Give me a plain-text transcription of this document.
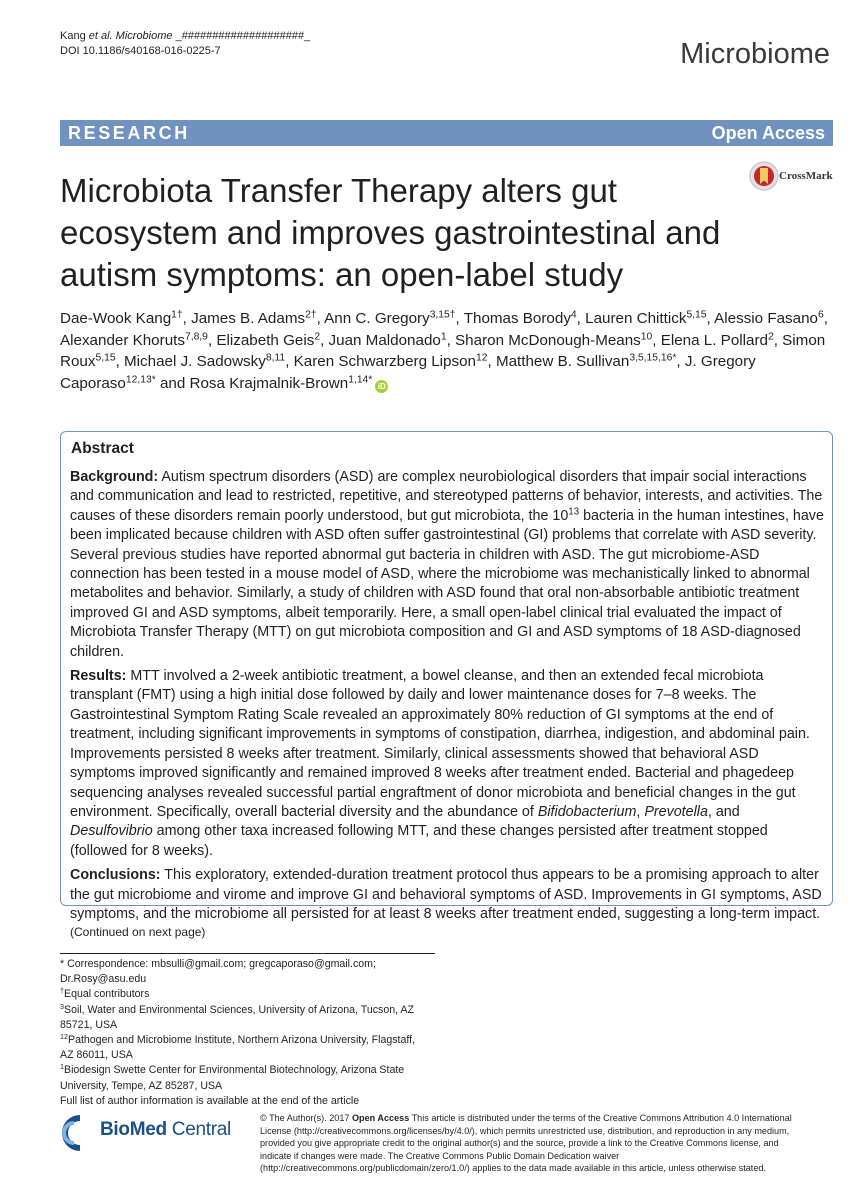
Kang et al. Microbiome _####################_
DOI 10.1186/s40168-016-0225-7	Microbiome
RESEARCH	Open Access
CrossMark
Microbiota Transfer Therapy alters gut ecosystem and improves gastrointestinal and autism symptoms: an open-label study
Dae-Wook Kang$^{1\dagger}$, James B. Adams$^{2\dagger}$, Ann C. Gregory$^{3,15\dagger}$, Thomas Borody$^4$, Lauren Chittick$^{5,15}$, Alessio Fasano$^6$, Alexander Khoruts$^{7,8,9}$, Elizabeth Geis$^2$, Juan Maldonado$^1$, Sharon McDonough-Means$^{10}$, Elena L. Pollard$^2$, Simon Roux$^{5,15}$, Michael J. Sadowsky$^{8,11}$, Karen Schwarzberg Lipson$^{12}$, Matthew B. Sullivan$^{3,5,15,16*}$, J. Gregory Caporaso$^{12,13*}$ and Rosa Krajmalnik-Brown$^{1,14*}$iD
Abstract

Background: Autism spectrum disorders (ASD) are complex neurobiological disorders that impair social interactions and communication and lead to restricted, repetitive, and stereotyped patterns of behavior, interests, and activities. The causes of these disorders remain poorly understood, but gut microbiota, the $10^{13}$ bacteria in the human intestines, have been implicated because children with ASD often suffer gastrointestinal (GI) problems that correlate with ASD severity. Several previous studies have reported abnormal gut bacteria in children with ASD. The gut microbiome-ASD connection has been tested in a mouse model of ASD, where the microbiome was mechanistically linked to abnormal metabolites and behavior. Similarly, a study of children with ASD found that oral non-absorbable antibiotic treatment improved GI and ASD symptoms, albeit temporarily. Here, a small open-label clinical trial evaluated the impact of Microbiota Transfer Therapy (MTT) on gut microbiota composition and GI and ASD symptoms of 18 ASD-diagnosed children.

Results: MTT involved a 2-week antibiotic treatment, a bowel cleanse, and then an extended fecal microbiota transplant (FMT) using a high initial dose followed by daily and lower maintenance doses for 7–8 weeks. The Gastrointestinal Symptom Rating Scale revealed an approximately 80% reduction of GI symptoms at the end of treatment, including significant improvements in symptoms of constipation, diarrhea, indigestion, and abdominal pain. Improvements persisted 8 weeks after treatment. Similarly, clinical assessments showed that behavioral ASD symptoms improved significantly and remained improved 8 weeks after treatment ended. Bacterial and phagedeep sequencing analyses revealed successful partial engraftment of donor microbiota and beneficial changes in the gut environment. Specifically, overall bacterial diversity and the abundance of Bifidobacterium, Prevotella, and Desulfovibrio among other taxa increased following MTT, and these changes persisted after treatment stopped (followed for 8 weeks).

Conclusions: This exploratory, extended-duration treatment protocol thus appears to be a promising approach to alter the gut microbiome and virome and improve GI and behavioral symptoms of ASD. Improvements in GI symptoms, ASD symptoms, and the microbiome all persisted for at least 8 weeks after treatment ended, suggesting a long-term impact.
(Continued on next page)

* Correspondence: mbsulli@gmail.com; gregcaporaso@gmail.com;
Dr.Rosy@asu.edu
†Equal contributors
$^3$Soil, Water and Environmental Sciences, University of Arizona, Tucson, AZ
85721, USA
$^{12}$Pathogen and Microbiome Institute, Northern Arizona University, Flagstaff,
AZ 86011, USA
$^1$Biodesign Swette Center for Environmental Biotechnology, Arizona State
University, Tempe, AZ 85287, USA
Full list of author information is available at the end of the article
BioMed Central
© The Author(s). 2017 Open Access This article is distributed under the terms of the Creative Commons Attribution 4.0 International License (http://creativecommons.org/licenses/by/4.0/), which permits unrestricted use, distribution, and reproduction in any medium, provided you give appropriate credit to the original author(s) and the source, provide a link to the Creative Commons license, and indicate if changes were made. The Creative Commons Public Domain Dedication waiver (http://creativecommons.org/publicdomain/zero/1.0/) applies to the data made available in this article, unless otherwise stated.
